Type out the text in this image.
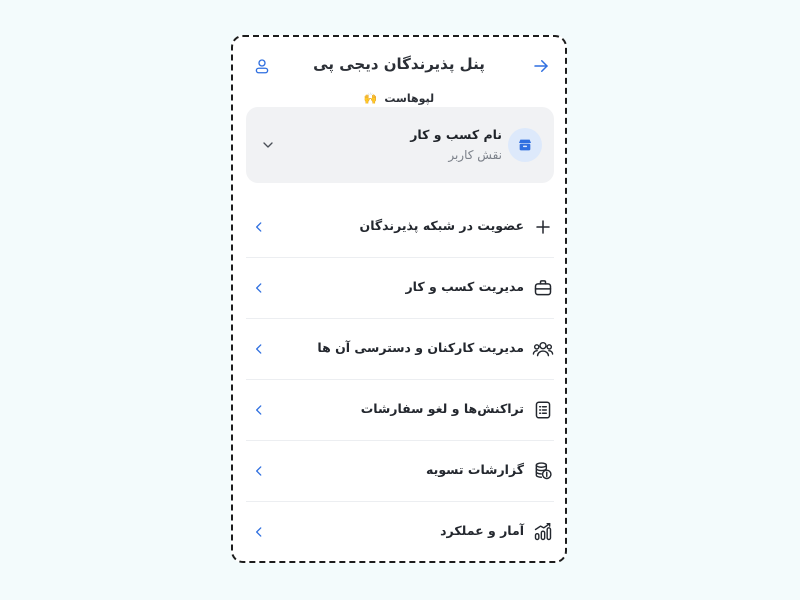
پنل پذیرندگان دیجی پی
لپوهاست 🙌
نام کسب و کار
نقش کاربر
عضویت در شبکه پذیرندگان
مدیریت کسب و کار
مدیریت کارکنان و دسترسی آن ها
تراکنش‌ها و لغو سفارشات
گزارشات تسویه
آمار و عملکرد
